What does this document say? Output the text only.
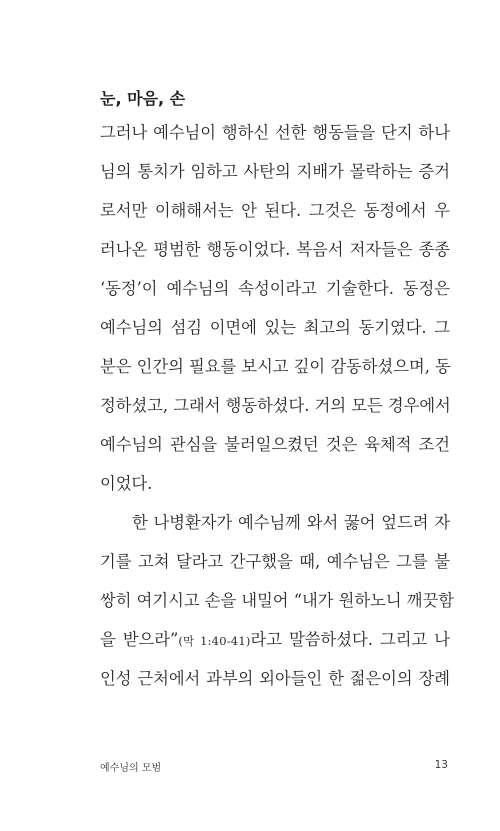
눈, 마음, 손
그러나 예수님이 행하신 선한 행동들을 단지 하나
님의 통치가 임하고 사탄의 지배가 몰락하는 증거
로서만 이해해서는 안 된다. 그것은 동정에서 우
러나온 평범한 행동이었다. 복음서 저자들은 종종
‘동정’이 예수님의 속성이라고 기술한다. 동정은
예수님의 섬김 이면에 있는 최고의 동기였다. 그
분은 인간의 필요를 보시고 깊이 감동하셨으며, 동
정하셨고, 그래서 행동하셨다. 거의 모든 경우에서
예수님의 관심을 불러일으켰던 것은 육체적 조건
이었다.
한 나병환자가 예수님께 와서 꿇어 엎드려 자
기를 고쳐 달라고 간구했을 때, 예수님은 그를 불
쌍히 여기시고 손을 내밀어 “내가 원하노니 깨끗함
을 받으라”(막 1:40-41)라고 말씀하셨다. 그리고 나
인성 근처에서 과부의 외아들인 한 젊은이의 장례
예수님의 모범	13
